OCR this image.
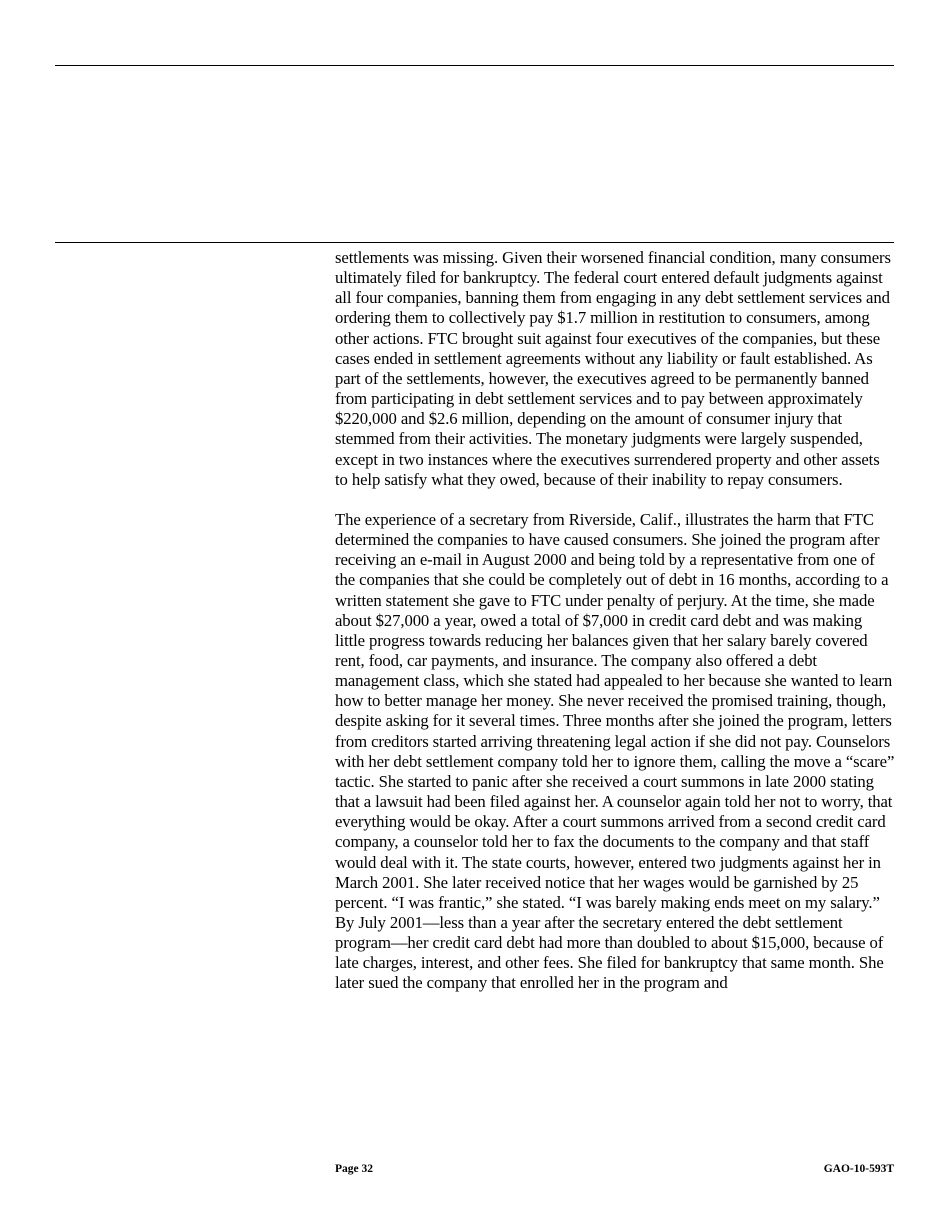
settlements was missing. Given their worsened financial condition, many consumers ultimately filed for bankruptcy. The federal court entered default judgments against all four companies, banning them from engaging in any debt settlement services and ordering them to collectively pay $1.7 million in restitution to consumers, among other actions. FTC brought suit against four executives of the companies, but these cases ended in settlement agreements without any liability or fault established. As part of the settlements, however, the executives agreed to be permanently banned from participating in debt settlement services and to pay between approximately $220,000 and $2.6 million, depending on the amount of consumer injury that stemmed from their activities. The monetary judgments were largely suspended, except in two instances where the executives surrendered property and other assets to help satisfy what they owed, because of their inability to repay consumers.

The experience of a secretary from Riverside, Calif., illustrates the harm that FTC determined the companies to have caused consumers. She joined the program after receiving an e-mail in August 2000 and being told by a representative from one of the companies that she could be completely out of debt in 16 months, according to a written statement she gave to FTC under penalty of perjury. At the time, she made about $27,000 a year, owed a total of $7,000 in credit card debt and was making little progress towards reducing her balances given that her salary barely covered rent, food, car payments, and insurance. The company also offered a debt management class, which she stated had appealed to her because she wanted to learn how to better manage her money. She never received the promised training, though, despite asking for it several times. Three months after she joined the program, letters from creditors started arriving threatening legal action if she did not pay. Counselors with her debt settlement company told her to ignore them, calling the move a “scare” tactic. She started to panic after she received a court summons in late 2000 stating that a lawsuit had been filed against her. A counselor again told her not to worry, that everything would be okay. After a court summons arrived from a second credit card company, a counselor told her to fax the documents to the company and that staff would deal with it. The state courts, however, entered two judgments against her in March 2001. She later received notice that her wages would be garnished by 25 percent. “I was frantic,” she stated. “I was barely making ends meet on my salary.” By July 2001—less than a year after the secretary entered the debt settlement program—her credit card debt had more than doubled to about $15,000, because of late charges, interest, and other fees. She filed for bankruptcy that same month. She later sued the company that enrolled her in the program and

Page 32	GAO-10-593T
